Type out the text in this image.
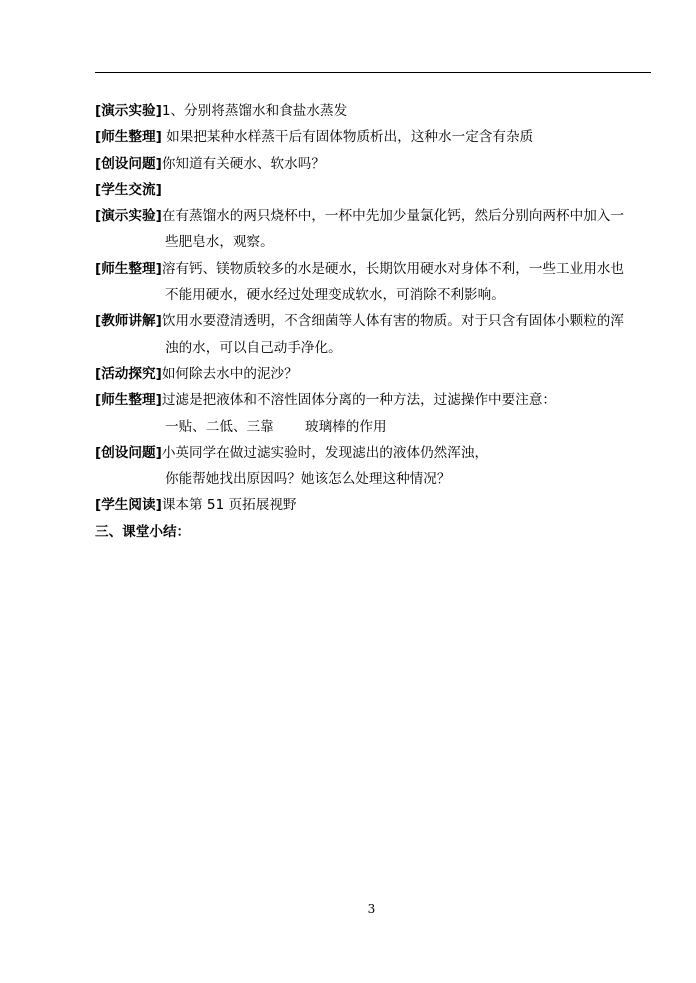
[演示实验]1、分别将蒸馏水和食盐水蒸发
[师生整理] 如果把某种水样蒸干后有固体物质析出，这种水一定含有杂质
[创设问题]你知道有关硬水、软水吗？
[学生交流]
[演示实验]在有蒸馏水的两只烧杯中，一杯中先加少量氯化钙，然后分别向两杯中加入一
些肥皂水，观察。
[师生整理]溶有钙、镁物质较多的水是硬水，长期饮用硬水对身体不利，一些工业用水也
不能用硬水，硬水经过处理变成软水，可消除不利影响。
[教师讲解]饮用水要澄清透明，不含细菌等人体有害的物质。对于只含有固体小颗粒的浑
浊的水，可以自己动手净化。
[活动探究]如何除去水中的泥沙？
[师生整理]过滤是把液体和不溶性固体分离的一种方法，过滤操作中要注意：
一贴、二低、三靠 玻璃棒的作用
[创设问题]小英同学在做过滤实验时，发现滤出的液体仍然浑浊，
你能帮她找出原因吗？她该怎么处理这种情况？
[学生阅读]课本第 51 页拓展视野
三、课堂小结：
3
